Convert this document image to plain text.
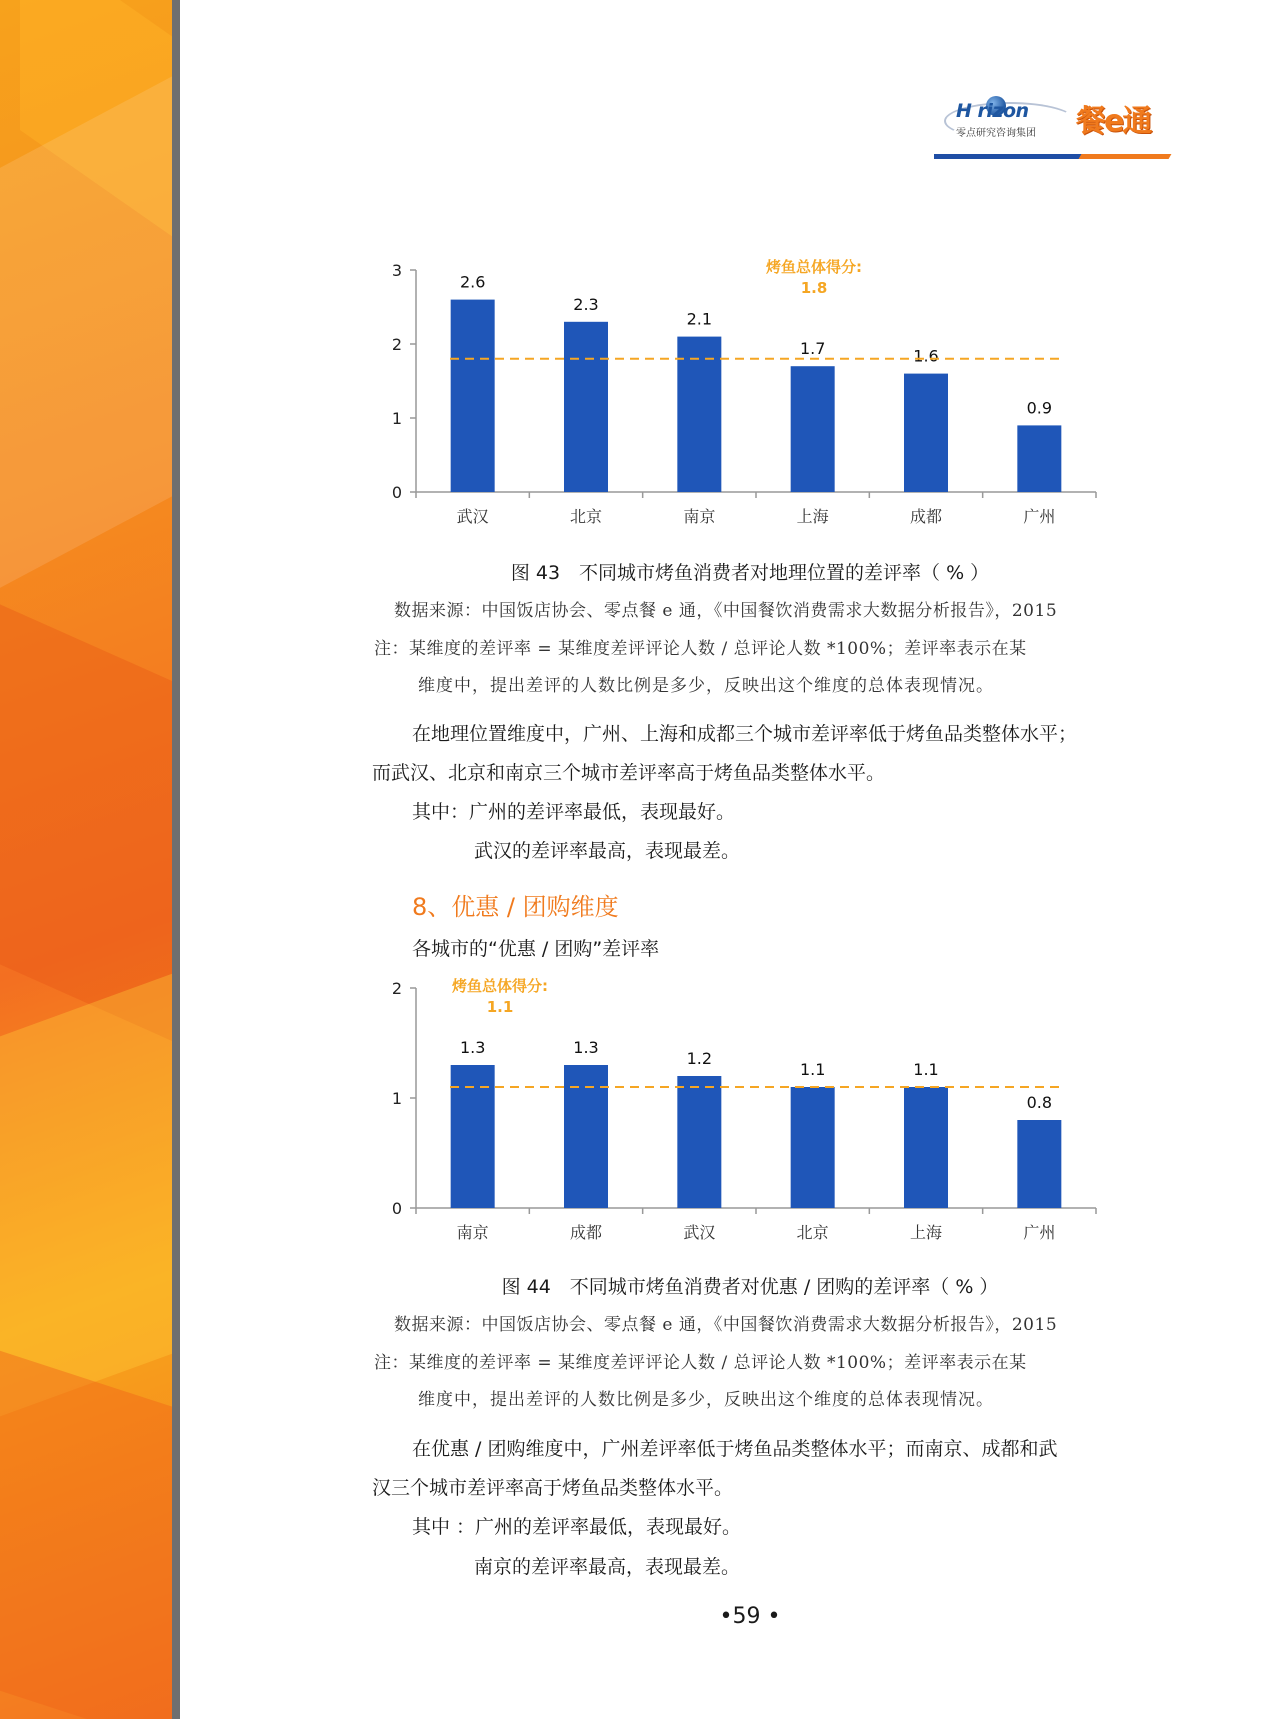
H rizon
零点研究咨询集团 餐e通
0
1
2
3
2.6
武汉
2.3
北京
2.1
南京
1.7
上海
1.6
成都
0.9
广州
烤鱼总体得分:
1.8
图 43　不同城市烤鱼消费者对地理位置的差评率（ % ）
数据来源：中国饭店协会、零点餐 e 通，《中国餐饮消费需求大数据分析报告》，2015
注：某维度的差评率 = 某维度差评评论人数 / 总评论人数 *100%；差评率表示在某
维度中，提出差评的人数比例是多少，反映出这个维度的总体表现情况。
在地理位置维度中，广州、上海和成都三个城市差评率低于烤鱼品类整体水平；
而武汉、北京和南京三个城市差评率高于烤鱼品类整体水平。
其中：广州的差评率最低，表现最好。
武汉的差评率最高，表现最差。
8、优惠 / 团购维度
各城市的“优惠 / 团购”差评率
0
1
2
1.3
南京
1.3
成都
1.2
武汉
1.1
北京
1.1
上海
0.8
广州
烤鱼总体得分:
1.1
图 44　不同城市烤鱼消费者对优惠 / 团购的差评率（ % ）
数据来源：中国饭店协会、零点餐 e 通，《中国餐饮消费需求大数据分析报告》，2015
注：某维度的差评率 = 某维度差评评论人数 / 总评论人数 *100%；差评率表示在某
维度中，提出差评的人数比例是多少，反映出这个维度的总体表现情况。
在优惠 / 团购维度中，广州差评率低于烤鱼品类整体水平；而南京、成都和武
汉三个城市差评率高于烤鱼品类整体水平。
其中 ：广州的差评率最低，表现最好。
南京的差评率最高，表现最差。
•59 •
